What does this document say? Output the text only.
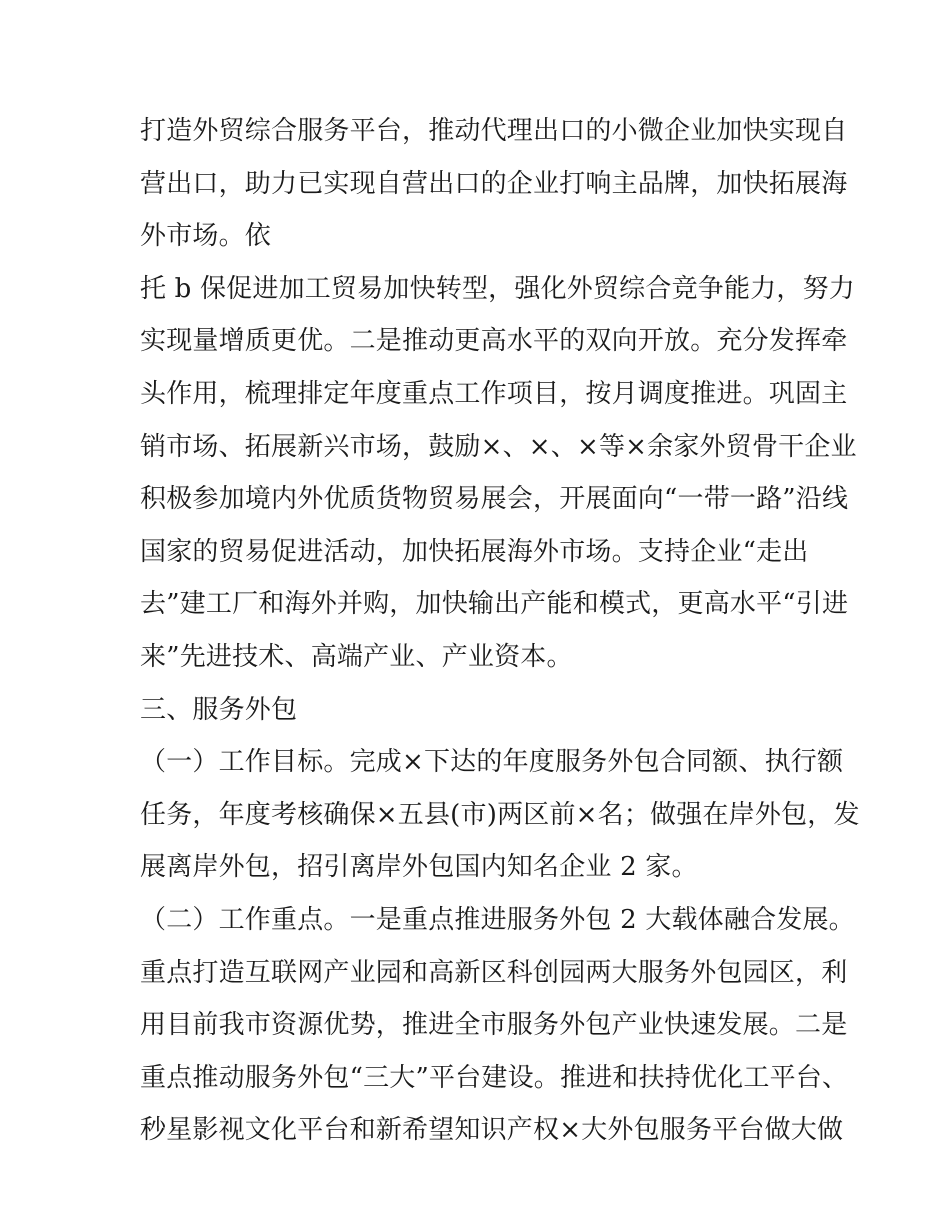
打造外贸综合服务平台，推动代理出口的小微企业加快实现自
营出口，助力已实现自营出口的企业打响主品牌，加快拓展海
外市场。依
托 b 保促进加工贸易加快转型，强化外贸综合竞争能力，努力
实现量增质更优。二是推动更高水平的双向开放。充分发挥牵
头作用，梳理排定年度重点工作项目，按月调度推进。巩固主
销市场、拓展新兴市场，鼓励×、×、×等×余家外贸骨干企业
积极参加境内外优质货物贸易展会，开展面向“一带一路”沿线
国家的贸易促进活动，加快拓展海外市场。支持企业“走出
去”建工厂和海外并购，加快输出产能和模式，更高水平“引进
来”先进技术、高端产业、产业资本。
三、服务外包
（一）工作目标。完成×下达的年度服务外包合同额、执行额
任务，年度考核确保×五县(市)两区前×名；做强在岸外包，发
展离岸外包，招引离岸外包国内知名企业 2 家。
（二）工作重点。一是重点推进服务外包 2 大载体融合发展。
重点打造互联网产业园和高新区科创园两大服务外包园区，利
用目前我市资源优势，推进全市服务外包产业快速发展。二是
重点推动服务外包“三大”平台建设。推进和扶持优化工平台、
秒星影视文化平台和新希望知识产权×大外包服务平台做大做
